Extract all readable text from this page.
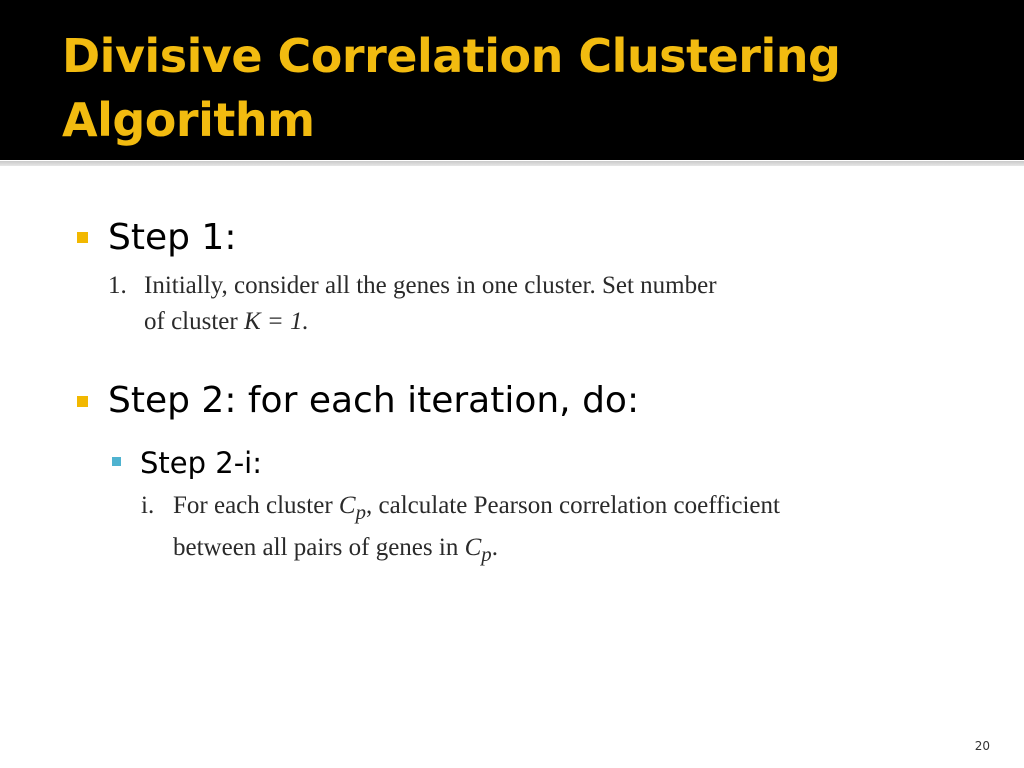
Divisive Correlation Clustering Algorithm
Step 1:
1. Initially, consider all the genes in one cluster. Set number
of cluster K = 1.
Step 2: for each iteration, do:
Step 2-i:
i. For each cluster $C_p$, calculate Pearson correlation coefficient
between all pairs of genes in $C_p$.
20
